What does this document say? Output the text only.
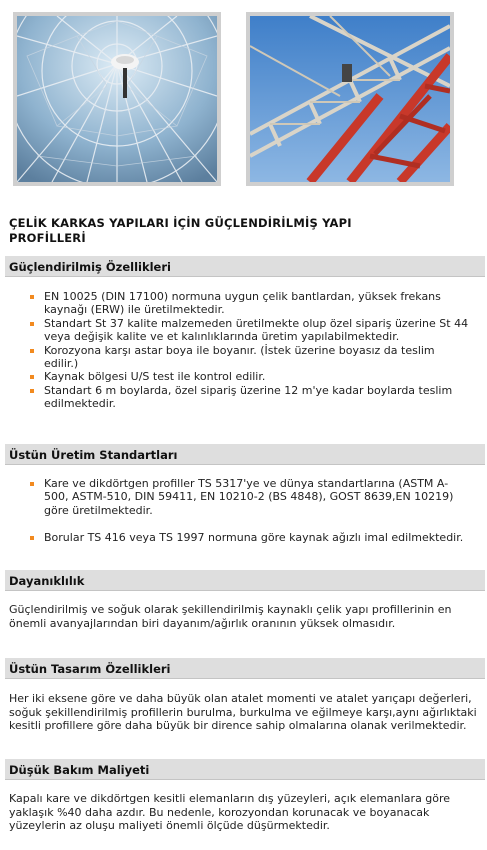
ÇELİK KARKAS YAPILARI İÇİN GÜÇLENDİRİLMİŞ YAPI PROFİLLERİ
Güçlendirilmiş Özellikleri
EN 10025 (DIN 17100) normuna uygun çelik bantlardan, yüksek frekans kaynağı (ERW) ile üretilmektedir.
Standart St 37 kalite malzemeden üretilmekte olup özel sipariş üzerine St 44 veya değişik kalite ve et kalınlıklarında üretim yapılabilmektedir.
Korozyona karşı astar boya ile boyanır. (İstek üzerine boyasız da teslim edilir.)
Kaynak bölgesi U/S test ile kontrol edilir.
Standart 6 m boylarda, özel sipariş üzerine 12 m'ye kadar boylarda teslim edilmektedir.
Üstün Üretim Standartları
Kare ve dikdörtgen profiller TS 5317'ye ve dünya standartlarına (ASTM A-500, ASTM-510, DIN 59411, EN 10210-2 (BS 4848), GOST 8639,EN 10219) göre üretilmektedir.
Borular TS 416 veya TS 1997 normuna göre kaynak ağızlı imal edilmektedir.
Dayanıklılık
Güçlendirilmiş ve soğuk olarak şekillendirilmiş kaynaklı çelik yapı profillerinin en önemli avanyajlarından biri dayanım/ağırlık oranının yüksek olmasıdır.
Üstün Tasarım Özellikleri
Her iki eksene göre ve daha büyük olan atalet momenti ve atalet yarıçapı değerleri, soğuk şekillendirilmiş profillerin burulma, burkulma ve eğilmeye karşı,aynı ağırlıktaki kesitli profillere göre daha büyük bir dirence sahip olmalarına olanak verilmektedir.
Düşük Bakım Maliyeti
Kapalı kare ve dikdörtgen kesitli elemanların dış yüzeyleri, açık elemanlara göre yaklaşık %40 daha azdır. Bu nedenle, korozyondan korunacak ve boyanacak yüzeylerin az oluşu maliyeti önemli ölçüde düşürmektedir.
